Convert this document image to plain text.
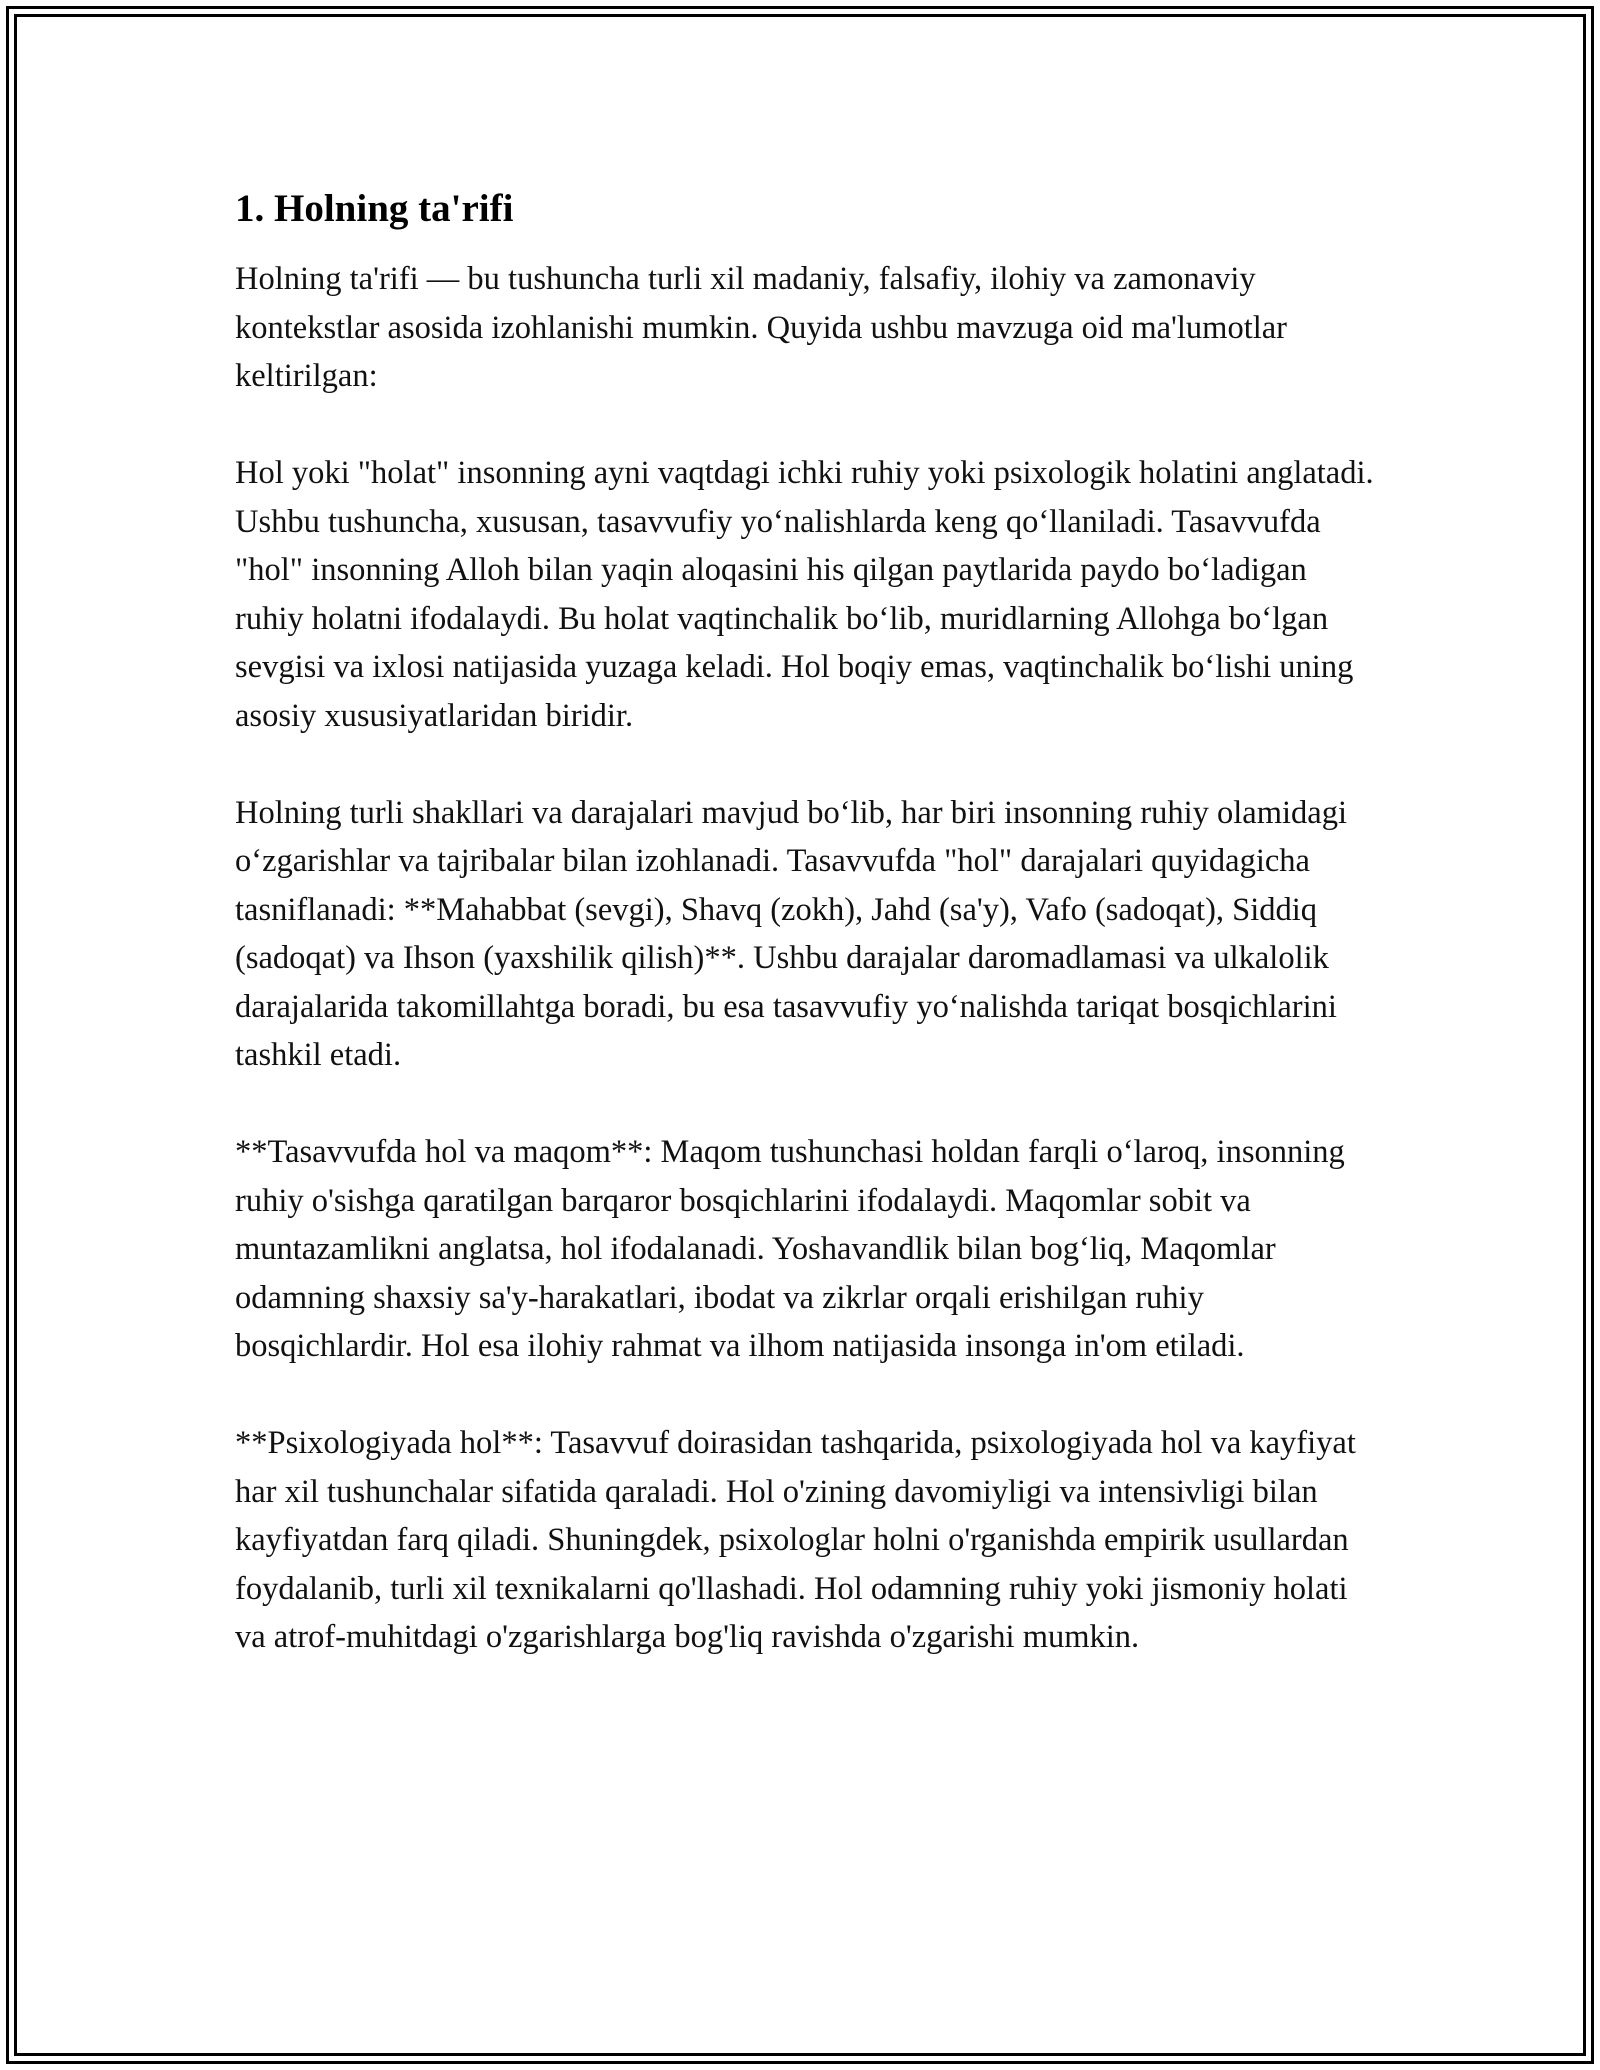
1. Holning ta'rifi

Holning ta'rifi — bu tushuncha turli xil madaniy, falsafiy, ilohiy va zamonaviy kontekstlar asosida izohlanishi mumkin. Quyida ushbu mavzuga oid ma'lumotlar keltirilgan:

Hol yoki "holat" insonning ayni vaqtdagi ichki ruhiy yoki psixologik holatini anglatadi. Ushbu tushuncha, xususan, tasavvufiy yo‘nalishlarda keng qo‘llaniladi. Tasavvufda "hol" insonning Alloh bilan yaqin aloqasini his qilgan paytlarida paydo bo‘ladigan ruhiy holatni ifodalaydi. Bu holat vaqtinchalik bo‘lib, muridlarning Allohga bo‘lgan sevgisi va ixlosi natijasida yuzaga keladi. Hol boqiy emas, vaqtinchalik bo‘lishi uning asosiy xususiyatlaridan biridir.

Holning turli shakllari va darajalari mavjud bo‘lib, har biri insonning ruhiy olamidagi o‘zgarishlar va tajribalar bilan izohlanadi. Tasavvufda "hol" darajalari quyidagicha tasniflanadi: **Mahabbat (sevgi), Shavq (zokh), Jahd (sa'y), Vafo (sadoqat), Siddiq (sadoqat) va Ihson (yaxshilik qilish)**. Ushbu darajalar daromadlamasi va ulkalolik darajalarida takomillahtga boradi, bu esa tasavvufiy yo‘nalishda tariqat bosqichlarini tashkil etadi.

**Tasavvufda hol va maqom**: Maqom tushunchasi holdan farqli o‘laroq, insonning ruhiy o'sishga qaratilgan barqaror bosqichlarini ifodalaydi. Maqomlar sobit va muntazamlikni anglatsa, hol ifodalanadi. Yoshavandlik bilan bog‘liq, Maqomlar odamning shaxsiy sa'y-harakatlari, ibodat va zikrlar orqali erishilgan ruhiy bosqichlardir. Hol esa ilohiy rahmat va ilhom natijasida insonga in'om etiladi.

**Psixologiyada hol**: Tasavvuf doirasidan tashqarida, psixologiyada hol va kayfiyat har xil tushunchalar sifatida qaraladi. Hol o'zining davomiyligi va intensivligi bilan kayfiyatdan farq qiladi. Shuningdek, psixologlar holni o'rganishda empirik usullardan foydalanib, turli xil texnikalarni qo'llashadi. Hol odamning ruhiy yoki jismoniy holati va atrof-muhitdagi o'zgarishlarga bog'liq ravishda o'zgarishi mumkin.
